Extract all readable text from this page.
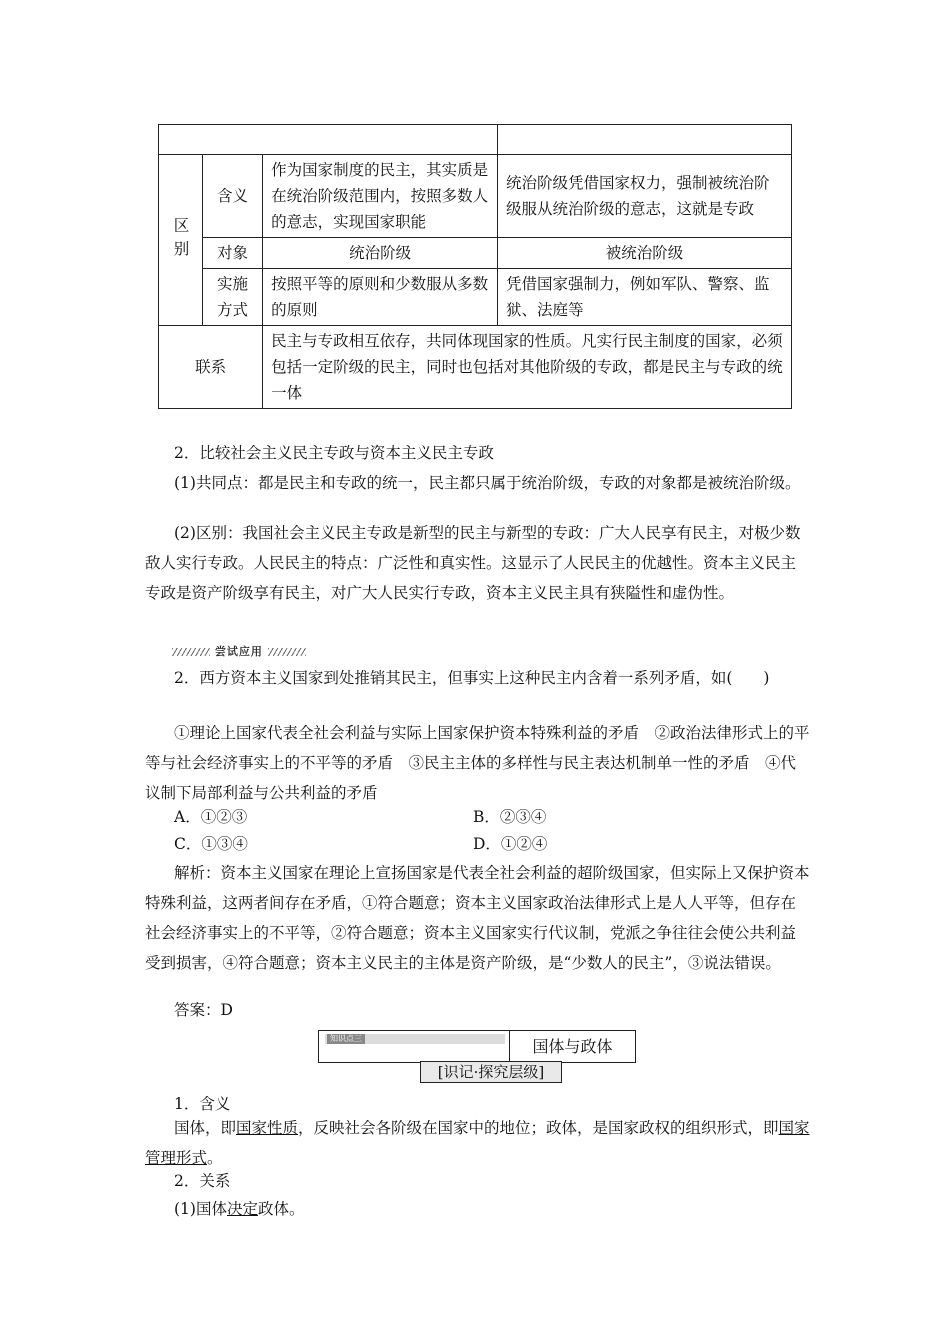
区别	含义	作为国家制度的民主，其实质是在统治阶级范围内，按照多数人的意志，实现国家职能	统治阶级凭借国家权力，强制被统治阶级服从统治阶级的意志，这就是专政
	对象	统治阶级	被统治阶级
	实施方式	按照平等的原则和少数服从多数的原则	凭借国家强制力，例如军队、警察、监狱、法庭等
联系		民主与专政相互依存，共同体现国家的性质。凡实行民主制度的国家，必须包括一定阶级的民主，同时也包括对其他阶级的专政，都是民主与专政的统一体	
2．比较社会主义民主专政与资本主义民主专政
(1)共同点：都是民主和专政的统一，民主都只属于统治阶级，专政的对象都是被统治阶级。
(2)区别：我国社会主义民主专政是新型的民主与新型的专政：广大人民享有民主，对极少数敌人实行专政。人民民主的特点：广泛性和真实性。这显示了人民民主的优越性。资本主义民主专政是资产阶级享有民主，对广大人民实行专政，资本主义民主具有狭隘性和虚伪性。
尝试应用
2．西方资本主义国家到处推销其民主，但事实上这种民主内含着一系列矛盾，如(　　)
①理论上国家代表全社会利益与实际上国家保护资本特殊利益的矛盾　②政治法律形式上的平等与社会经济事实上的不平等的矛盾　③民主主体的多样性与民主表达机制单一性的矛盾　④代议制下局部利益与公共利益的矛盾
A．①②③	B．②③④
C．①③④	D．①②④
解析：资本主义国家在理论上宣扬国家是代表全社会利益的超阶级国家，但实际上又保护资本特殊利益，这两者间存在矛盾，①符合题意；资本主义国家政治法律形式上是人人平等，但存在社会经济事实上的不平等，②符合题意；资本主义国家实行代议制，党派之争往往会使公共利益受到损害，④符合题意；资本主义民主的主体是资产阶级，是“少数人的民主”，③说法错误。
答案：D
知识点三	国体与政体
[识记·探究层级]
1．含义
国体，即国家性质，反映社会各阶级在国家中的地位；政体，是国家政权的组织形式，即国家管理形式。
2．关系
(1)国体决定政体。
